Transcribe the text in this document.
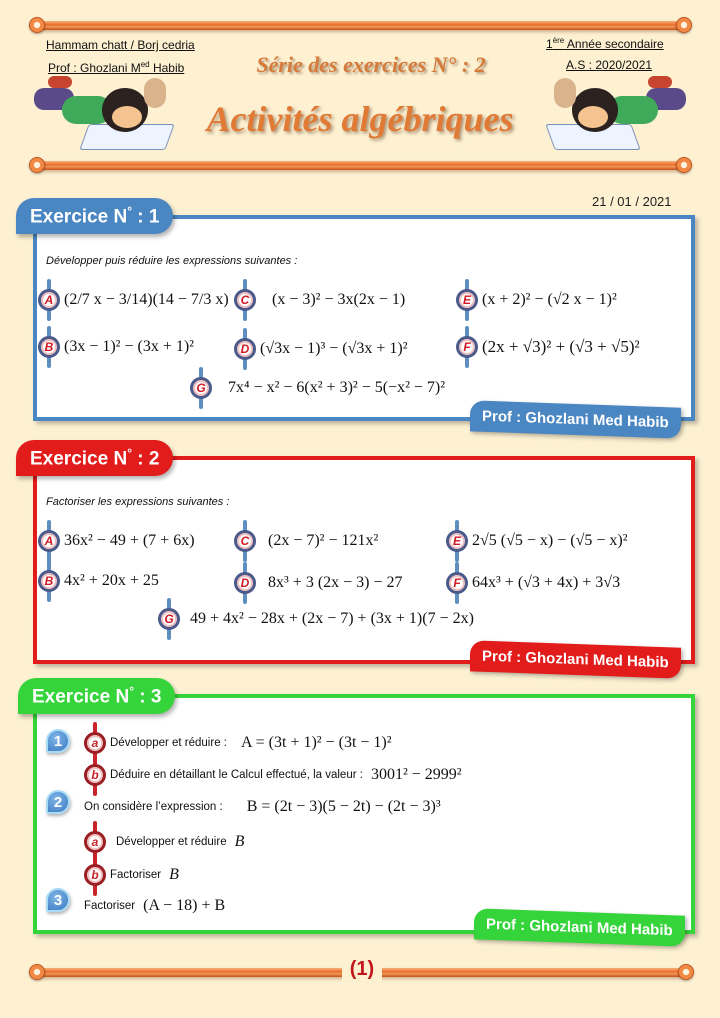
Hammam chatt / Borj cedria
Prof : Ghozlani $M^{ed}$ Habib
1ère Année secondaire
A.S : 2020/2021
Série des exercices N° : 2
Activités algébriques
21 / 01 / 2021
Exercice N° : 1
Développer puis réduire les expressions suivantes :
A (2/7 x − 3/14)(14 − 7/3 x)
B (3x − 1)² − (3x + 1)²
C	(x − 3)² − 3x(2x − 1)
D (√3x − 1)³ − (√3x + 1)²
E (x + 2)² − (√2 x − 1)²
F (2x + √3)² + (√3 + √5)²
G	7x⁴ − x² − 6(x² + 3)² − 5(−x² − 7)²
Prof : Ghozlani Med Habib
Exercice N° : 2
Factoriser les expressions suivantes :
A 36x² − 49 + (7 + 6x)
B 4x² + 20x + 25
C	(2x − 7)² − 121x²
D	8x³ + 3 (2x − 3) − 27
E 2√5 (√5 − x) − (√5 − x)²
F 64x³ + (√3 + 4x) + 3√3
G	49 + 4x² − 28x + (2x − 7) + (3x + 1)(7 − 2x)
Prof : Ghozlani Med Habib
Exercice N° : 3
1	a	Développer et réduire : A = (3t + 1)² − (3t − 1)²
b Déduire en détaillant le Calcul effectué, la valeur : 3001² − 2999²
2	On considère l’expression : B = (2t − 3)(5 − 2t) − (2t − 3)³
a	Développer et réduire B
b Factoriser B
3	Factoriser (A − 18) + B
Prof : Ghozlani Med Habib
(1)
